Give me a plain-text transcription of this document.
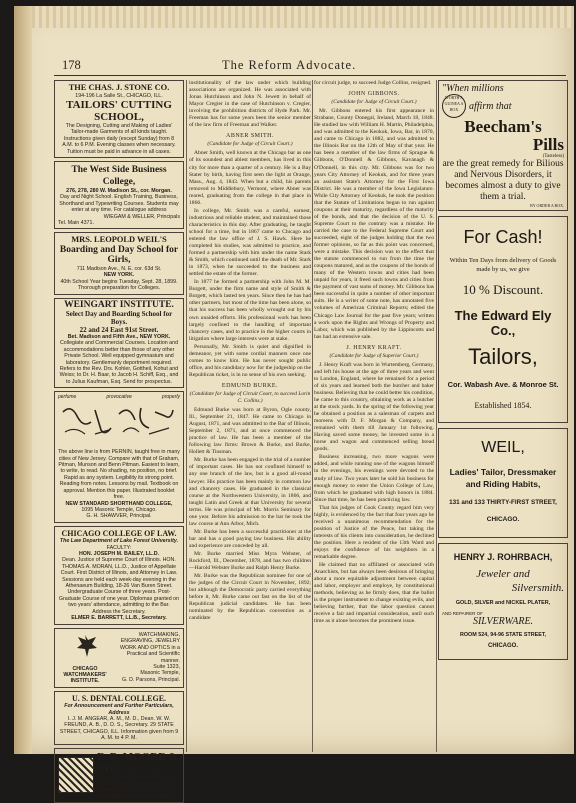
178	The Reform Advocate.
THE CHAS. J. STONE CO.
194-196 La Salle St., CHICAGO, ILL.
TAILORS' CUTTING SCHOOL,
The Designing, Cutting and Making of Ladies' Tailor-made Garments of all kinds taught. Instructions given daily (except Sunday) from 8 A.M. to 6 P.M. Evening classes when necessary. Tuition must be paid in advance in all cases.
The West Side Business College,
276, 278, 280 W. Madison St., cor. Morgan.
Day and Night School. English Training, Business, Shorthand and Typewriting Courses. Students may enter at any time. For catalogue address
WIEGAM & WELLER, Principals
Tel. Main 4371.
MRS. LEOPOLD WEIL'S
Boarding and Day School for Girls,
711 Madison Ave., N. E. cor. 63d St.
NEW YORK.
40th School Year begins Tuesday, Sept. 28, 1899. Thorough preparation for Colleges.
WEINGART INSTITUTE.
Select Day and Boarding School for Boys.
22 and 24 East 91st Street.
Bet. Madison and Fifth Ave., NEW YORK.
Collegiate and Commercial Courses. Location and accommodations better than those of any other Private School. Well equipped gymnasium and laboratory. Gentlemanly deportment required. Refers to the Rev. Drs. Kohler, Gottheil, Kohut and Weiss; to Dr. H. Baar, to Jacob H. Schiff, Esq., and to Julius Kaufman, Esq. Send for prospectus.
perfume	provocative	properly
The above line is from PERNIN, taught free in many cities of New Jersey. Compare with that of Graham, Pitman, Munson and Benn Pitman. Easiest to learn, to write, to read. No shading, no position, no brief. Rapid as any system. Legibility its strong point. Reading from notes. Lessons by mail. Textbook on approval. Mention this paper. Illustrated booklet free.
NEW STANDARD SHORTHAND COLLEGE,
1095 Masonic Temple, Chicago.
G. H. SHAWVER, Principal.
CHICAGO COLLEGE OF LAW.
The Law Department of Lake Forest University.
FACULTY:
HON. JOSEPH M. BAILEY, LL.D.
Dean. Justice of Supreme Court of Illinois. HON. THOMAS A. MORAN, LL.D., Justice of Appellate Court. First District of Illinois, and Attorney in Law. Sessions are held each week-day evening in the Athenaeum Building, 18-26 Van Buren Street. Undergraduate Course of three years. Post-Graduate Course of one year. Diplomas granted on two years' attendance, admitting to the Bar. Address the Secretary.
ELMER E. BARRETT, LL.B., Secretary.
CHICAGO WATCHMAKERS' INSTITUTE.
WATCHMAKING, ENGRAVING, JEWELRY WORK AND OPTICS in a Practical and Scientific manner.
Suite 1323,
Masonic Temple,
G. D. Parsons, Principal.
U. S. DENTAL COLLEGE.
For Announcement and Further Particulars, Address
I. J. M. ANGEAR, A. M., M. D., Dean. W. W. FREUND, A. B., D. D. S., Secretary. 29 STATE STREET, CHICAGO, ILL. Information given from 9 A. M. to 4 P. M.
E. B. MOORE & CO.
Wood Mosaic, Parquet Floors, Wood Carpet, Fine Interior Finish, Marble Tiling, etc.
48 Randolph St., Chicago.

institutionality of the law under which building associations are organized. He was associated with Jonas Hutchinson and John N. Jewett in behalf of Mayor Cregier in the case of Hutchinson v. Cregier, involving the prohibition districts of Hyde Park. Mr. Freeman has for some years been the senior member of the law firm of Freeman and Walker.

ABNER SMITH.
(Candidate for Judge of Circuit Court.)

Abner Smith, well known at the Chicago bar as one of its soundest and ablest members, has lived in this city for more than a quarter of a century. He is a Bay Stater by birth, having first seen the light at Orange, Mass., Aug. 4, 1843. When but a child, his parents removed to Middlebury, Vermont, where Abner was reared, graduating from the college in that place in 1866.

In college, Mr. Smith was a careful, earnest, industrious and reliable student, and maintained those characteristics in this day. After graduating, he taught school for a time, but in 1867 came to Chicago and entered the law office of J. S. Hawk. Here he completed his studies, was admitted to practice, and formed a partnership with him under the name Stark & Smith, which continued until the death of Mr. Stark in 1873, when he succeeded to the business and settled the estate of the former.

In 1877 he formed a partnership with John M. M. Burgett, under the firm name and style of Smith & Burgett, which lasted ten years. Since then he has had other partners, but most of the time has been alone, so that his success has been wholly wrought out by his own unaided efforts. His professional work has been largely confined to the handling of important chancery cases, and to practice in the higher courts in litigation where large interests were at stake.

Personally, Mr. Smith is quiet and dignified in demeanor, yet with some cordial manners once one comes to know him. He has never sought public office, and his candidacy now for the judgeship on the Republican ticket, is in no sense of his own seeking.

EDMUND BURKE.
(Candidate for Judge of Circuit Court, to succeed Lorin C. Collins.)

Edmund Burke was born at Byron, Ogle county, Ill., September 21, 1847. He came to Chicago in August, 1871, and was admitted to the Bar of Illinois, September 2, 1871, and at once commenced the practice of law. He has been a member of the following law firms: Brown & Burke, and Burke, Hollett & Tinsman.

Mr. Burke has been engaged in the trial of a number of important cases. He has not confined himself to any one branch of the law, but is a good all-round lawyer. His practice has been mainly in common law and chancery cases. He graduated in the classical course at the Northwestern University, in 1866, and taught Latin and Greek at that University for several terms. He was principal of Mt. Morris Seminary for one year. Before his admission to the bar he took the law course at Ann Arbor, Mich.

Mr. Burke has been a successful practitioner at the bar and has a good paying law business. His ability and experience are conceded by all.

Mr. Burke married Miss Myra Webster, of Rockford, Ill., December, 1878, and has two children—Harold Webster Burke and Ralph Henry Burke.

Mr. Burke was the Republican nominee for one of the judges of the Circuit Court in November, 1892; but although the Democratic party carried everything before it, Mr. Burke came out fast on the list of the Republican judicial candidates. He has been nominated by the Republican convention as a candidate

for circuit judge, to succeed Judge Collins, resigned.

JOHN GIBBONS.
(Candidate for Judge of Circuit Court.)

Mr. Gibbons entered his first appearance in Strabane, County Donegal, Ireland, March 18, 1848. He studied law with William H. Martin, Philadelphia, and was admitted to the Keokuk, Iowa, Bar, in 1870, and came to Chicago in 1882, and was admitted to the Illinois Bar on the 12th of May of that year. He has been a member of the law firms of Sprague & Gibbons, O'Donnell & Gibbons, Kavanagh & O'Donnell, in this city. Mr. Gibbons was for two years City Attorney of Keokuk, and for three years an assistant State's Attorney for the First Iowa District. He was a member of the Iowa Legislature. While City Attorney of Keokuk, he took the position that the Statute of Limitations began to run against coupons at their maturity, regardless of the maturity of the bonds, and that the decision of the U. S. Supreme Court to the contrary was a mistake. He carried the case to the Federal Supreme Court and succeeded, eight of the judges holding that the two former opinions, so far as this point was concerned, were a mistake. This decision was to the effect that the statute commenced to run from the time the coupons matured, and as the coupons of the bonds of many of the Western towns and cities had been unpaid for years, it freed such towns and cities from the payment of vast sums of money. Mr. Gibbons has been successful in quite a number of other important suits. He is a writer of some note, has annotated five volumes of American Criminal Reports; edited the Chicago Law Journal for the past five years; written a work upon the Rights and Wrongs of Property and Labor, which was published by the Lippincotts and has had an extensive sale.

J. HENRY KRAFT.
(Candidate for Judge of Superior Court.)

J. Henry Kraft was born in Wurtemberg, Germany, and left his house at the age of three years and went to London, England, where he remained for a period of six years and learned both the butcher and baker business. Believing that he could better his condition, he came to this country, obtaining work as a butcher at the stock yards. In the spring of the following year he obtained a position as a salesman of carpets and moreens with D. F. Morgan & Company, and remained with them till January 1st following. Having saved some money, he invested some in a horse and wagon and commenced selling bread goods.

Business increasing, two more wagons were added, and while running one of the wagons himself in the evenings, his evenings were devoted to the study of law. Two years later he sold his business for enough money to enter the Union College of Law, from which he graduated with high honors in 1884. Since that time, he has been practicing law.

That his judges of Cook County regard him very highly, is evidenced by the fact that four years ago he received a unanimous recommendation for the position of Justice of the Peace, but taking the interests of his clients into consideration, he declined the position. Here a resident of the 13th Ward and enjoys the confidence of his neighbors in a remarkable degree.

He claimed that no affiliated or associated with Anarchists, but has always been desirous of bringing about a more equitable adjustment between capital and labor, employer and employe, by constitutional methods, believing as he firmly does, that the ballot is the proper instrument to change existing evils, and believing further, that the labor question cannot receive a fair and impartial consideration, until such time as it alone becomes the prominent issue.

"When millions
WORTH A GUINEA A BOX	affirm that
Beecham's
Pills
(Tasteless)
are the great remedy for Bilious and Nervous Disorders, it becomes almost a duty to give them a trial.
BY ORDER A BOX.
For Cash!
Within Ten Days from delivery of Goods made by us, we give
10 % Discount.
The Edward Ely Co.,
Tailors,
Cor. Wabash Ave. & Monroe St.
Established 1854.
WEIL,
Ladies' Tailor, Dressmaker
and Riding Habits,
131 and 133 THIRTY-FIRST STREET,
CHICAGO.
HENRY J. ROHRBACH,
Jeweler and
Silversmith.
GOLD, SILVER and NICKEL PLATER,
AND REPAIRER OF
SILVERWARE.
ROOM 524, 94-96 STATE STREET,
CHICAGO.
